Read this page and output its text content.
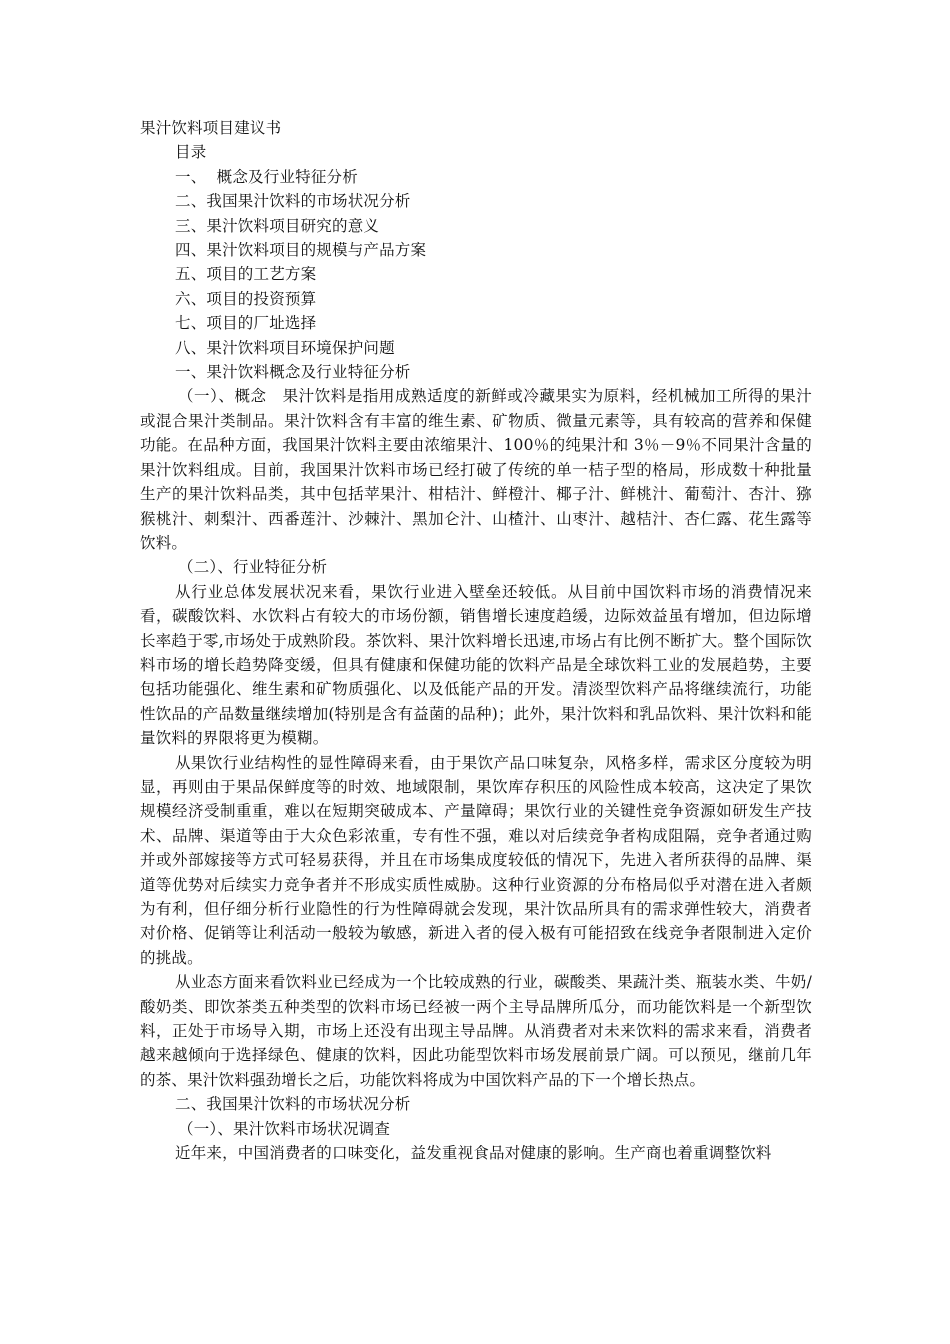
果汁饮料项目建议书

目录

一、  概念及行业特征分析

二、我国果汁饮料的市场状况分析

三、果汁饮料项目研究的意义

四、果汁饮料项目的规模与产品方案

五、项目的工艺方案

六、项目的投资预算

七、项目的厂址选择

八、果汁饮料项目环境保护问题

一、果汁饮料概念及行业特征分析

（一）、概念　果汁饮料是指用成熟适度的新鲜或冷藏果实为原料，经机械加工所得的果汁或混合果汁类制品。果汁饮料含有丰富的维生素、矿物质、微量元素等，具有较高的营养和保健功能。在品种方面，我国果汁饮料主要由浓缩果汁、100％的纯果汁和 3％－9％不同果汁含量的果汁饮料组成。目前，我国果汁饮料市场已经打破了传统的单一桔子型的格局，形成数十种批量生产的果汁饮料品类，其中包括苹果汁、柑桔汁、鲜橙汁、椰子汁、鲜桃汁、葡萄汁、杏汁、猕猴桃汁、刺梨汁、西番莲汁、沙棘汁、黑加仑汁、山楂汁、山枣汁、越桔汁、杏仁露、花生露等饮料。

（二）、行业特征分析

从行业总体发展状况来看，果饮行业进入壁垒还较低。从目前中国饮料市场的消费情况来看，碳酸饮料、水饮料占有较大的市场份额，销售增长速度趋缓，边际效益虽有增加，但边际增长率趋于零,市场处于成熟阶段。茶饮料、果汁饮料增长迅速,市场占有比例不断扩大。整个国际饮料市场的增长趋势降变缓，但具有健康和保健功能的饮料产品是全球饮料工业的发展趋势，主要包括功能强化、维生素和矿物质强化、以及低能产品的开发。清淡型饮料产品将继续流行，功能性饮品的产品数量继续增加(特别是含有益菌的品种)；此外，果汁饮料和乳品饮料、果汁饮料和能量饮料的界限将更为模糊。

从果饮行业结构性的显性障碍来看，由于果饮产品口味复杂，风格多样，需求区分度较为明显，再则由于果品保鲜度等的时效、地域限制，果饮库存积压的风险性成本较高，这决定了果饮规模经济受制重重，难以在短期突破成本、产量障碍；果饮行业的关键性竞争资源如研发生产技术、品牌、渠道等由于大众色彩浓重，专有性不强，难以对后续竞争者构成阻隔，竞争者通过购并或外部嫁接等方式可轻易获得，并且在市场集成度较低的情况下，先进入者所获得的品牌、渠道等优势对后续实力竞争者并不形成实质性威胁。这种行业资源的分布格局似乎对潜在进入者颇为有利，但仔细分析行业隐性的行为性障碍就会发现，果汁饮品所具有的需求弹性较大，消费者对价格、促销等让利活动一般较为敏感，新进入者的侵入极有可能招致在线竞争者限制进入定价的挑战。

从业态方面来看饮料业已经成为一个比较成熟的行业，碳酸类、果蔬汁类、瓶装水类、牛奶/酸奶类、即饮茶类五种类型的饮料市场已经被一两个主导品牌所瓜分，而功能饮料是一个新型饮料，正处于市场导入期，市场上还没有出现主导品牌。从消费者对未来饮料的需求来看，消费者越来越倾向于选择绿色、健康的饮料，因此功能型饮料市场发展前景广阔。可以预见，继前几年的茶、果汁饮料强劲增长之后，功能饮料将成为中国饮料产品的下一个增长热点。

二、我国果汁饮料的市场状况分析

（一）、果汁饮料市场状况调查

近年来，中国消费者的口味变化，益发重视食品对健康的影响。生产商也着重调整饮料
